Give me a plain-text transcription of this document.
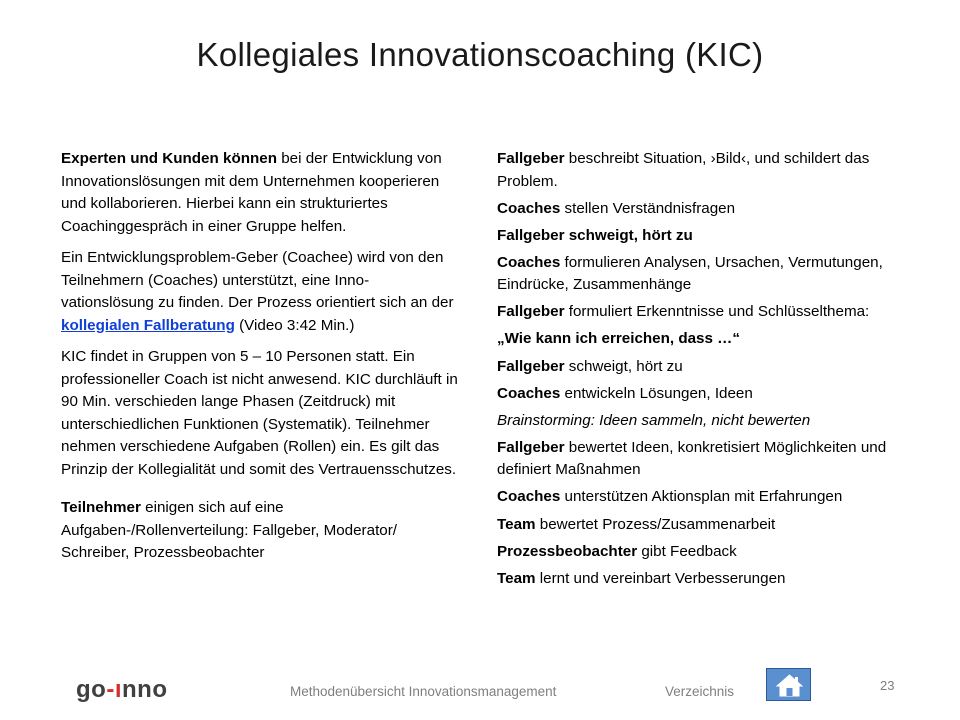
Kollegiales Innovationscoaching (KIC)

Experten und Kunden können bei der Entwicklung von Innovationslösungen mit dem Unternehmen kooperieren und kollaborieren. Hierbei kann ein strukturiertes Coachinggespräch in einer Gruppe helfen.

Ein Entwicklungsproblem-Geber (Coachee) wird von den Teilnehmern (Coaches) unterstützt, eine Inno-vationslösung zu finden. Der Prozess orientiert sich an der kollegialen Fallberatung (Video 3:42 Min.)

KIC findet in Gruppen von 5 – 10 Personen statt. Ein professioneller Coach ist nicht anwesend. KIC durchläuft in 90 Min. verschieden lange Phasen (Zeitdruck) mit unterschiedlichen Funktionen (Systematik). Teilnehmer nehmen verschiedene Aufgaben (Rollen) ein. Es gilt das Prinzip der Kollegialität und somit des Vertrauensschutzes.

Teilnehmer einigen sich auf eine Aufgaben-/Rollenverteilung: Fallgeber, Moderator/ Schreiber, Prozessbeobachter

Fallgeber beschreibt Situation, ›Bild‹, und schildert das Problem.

Coaches stellen Verständnisfragen

Fallgeber schweigt, hört zu

Coaches formulieren Analysen, Ursachen, Vermutungen, Eindrücke, Zusammenhänge

Fallgeber formuliert Erkenntnisse und Schlüsselthema:

„Wie kann ich erreichen, dass …“

Fallgeber schweigt, hört zu

Coaches entwickeln Lösungen, Ideen

Brainstorming: Ideen sammeln, nicht bewerten

Fallgeber bewertet Ideen, konkretisiert Möglichkeiten und definiert Maßnahmen

Coaches unterstützen Aktionsplan mit Erfahrungen

Team bewertet Prozess/Zusammenarbeit

Prozessbeobachter gibt Feedback

Team lernt und vereinbart Verbesserungen

go-ınno	Methodenübersicht Innovationsmanagement	Verzeichnis	23
